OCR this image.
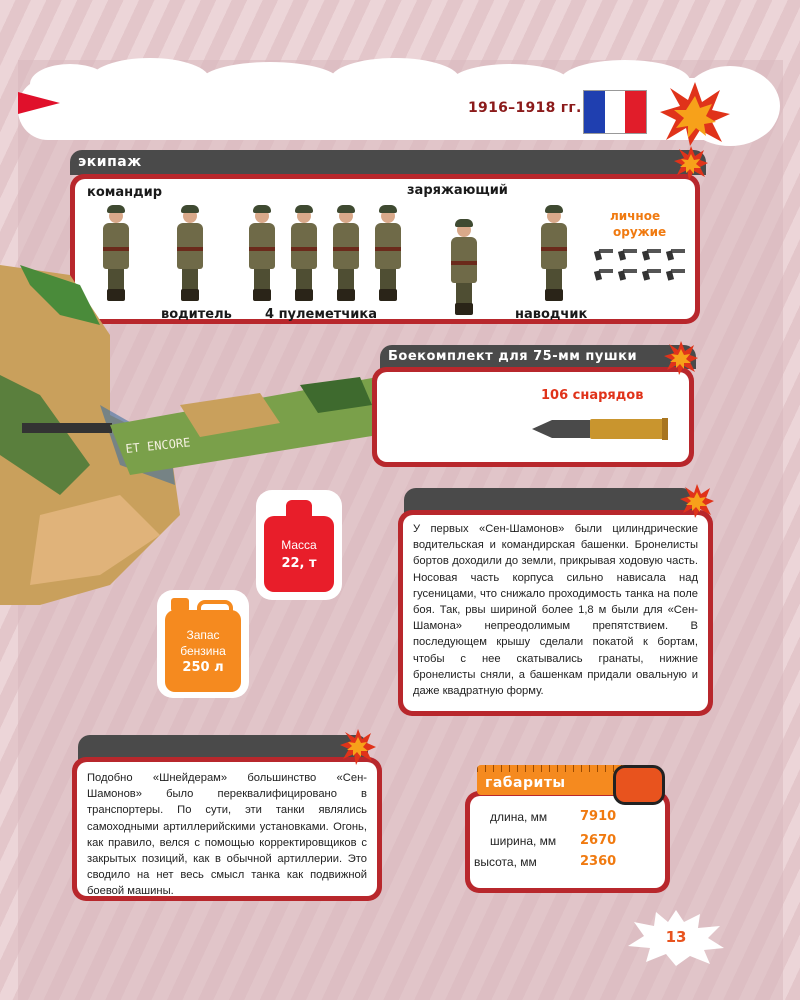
1916–1918 гг.
экипаж
командир	заряжающий
водитель	4 пулеметчика	наводчик
личное
оружие
ET ENCORE
Боекомплект для 75-мм пушки
106 снарядов
Масса
22, т
Запас
бензина
250 л
У первых «Сен-Шамонов» были цилиндрические водительская и командирская башенки. Бронелисты бортов доходили до земли, прикрывая ходовую часть. Носовая часть корпуса сильно нависала над гусеницами, что снижало проходимость танка на поле боя. Так, рвы шириной более 1,8 м были для «Сен-Шамона» непреодолимым препятствием. В последующем крышу сделали покатой к бортам, чтобы с нее скатывались гранаты, нижние бронелисты сняли, а башенкам придали овальную и даже квадратную форму.
Подобно «Шнейдерам» большинство «Сен-Шамонов» было переквалифицировано в транспортеры. По сути, эти танки являлись самоходными артиллерийскими установками. Огонь, как правило, велся с помощью корректировщиков с закрытых позиций, как в обычной артиллерии. Это сводило на нет весь смысл танка как подвижной боевой машины.
длина, мм	7910
ширина, мм 2670
высота, мм	2360
габариты
13
